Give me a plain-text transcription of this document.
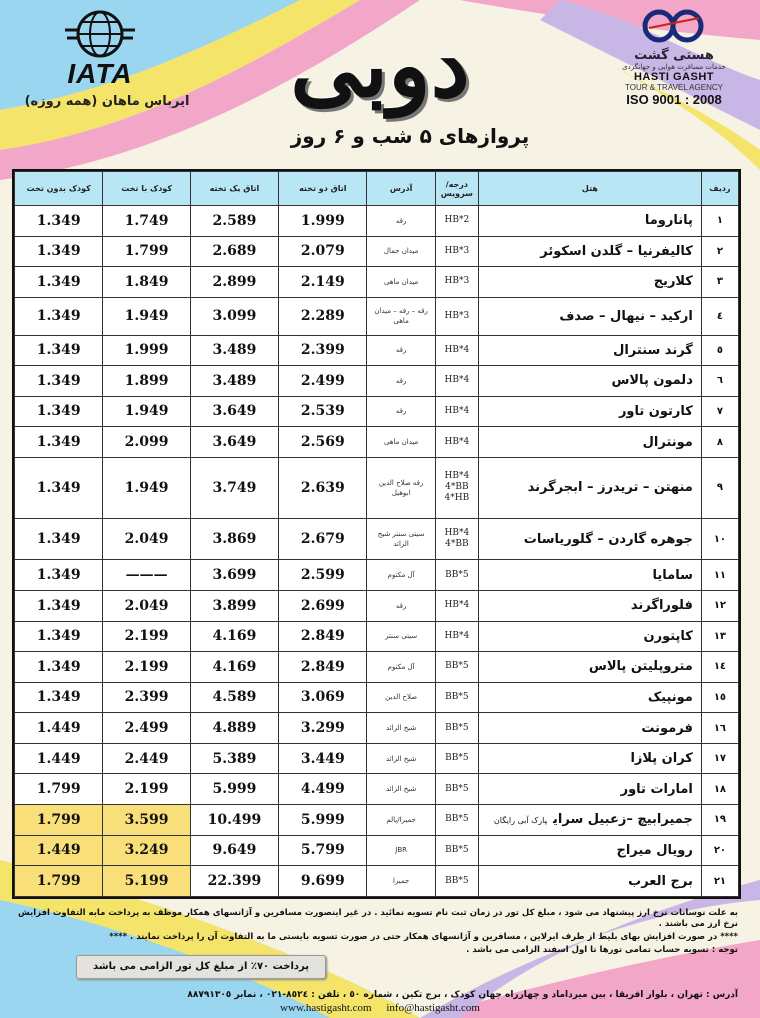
IATA
ایرباس ماهان (همه روزه)	دوبی
پروازهای ۵ شب و ۶ روز
هستی گشت
خدمات مسافرت هوایی و جهانگردی
HASTI GASHT
TOUR & TRAVEL AGENCY
ISO 9001 : 2008
ردیف	هتل	درجه/سرویس	آدرس	اتاق دو تخته	اتاق یک تخته	کودک با تخت	کودک بدون تخت
١	پاناروما	2*HB	رقه	1.999	2.589	1.749	1.349
٢	کالیفرنیا – گلدن اسکوئر	3*HB	میدان جمال	2.079	2.689	1.799	1.349
٣	کلاریج	3*HB	میدان ماهی	2.149	2.899	1.849	1.349
٤	ارکید – نیهال – صدف	3*HB	رقه – رقه – میدان ماهی	2.289	3.099	1.949	1.349
٥	گرند سنترال	4*HB	رقه	2.399	3.489	1.999	1.349
٦	دلمون پالاس	4*HB	رقه	2.499	3.489	1.899	1.349
٧	کارتون تاور	4*HB	رقه	2.539	3.649	1.949	1.349
٨	مونترال	4*HB	میدان ماهی	2.569	3.649	2.099	1.349
٩	منهتن – تریدرز – ابجرگرند	4*HB 4*BB 4*HB	رقه صلاح الدین ابوهیل	2.639	3.749	1.949	1.349
١٠	جوهره گاردن – گلوریاسات	4*HB 4*BB	سیتی سنتر شیخ الزائد	2.679	3.869	2.049	1.349
١١	سامایا	5*BB	آل مکتوم	2.599	3.699	———	1.349
١٢	فلوراگرند	4*HB	رقه	2.699	3.899	2.049	1.349
١٣	کاپتورن	4*HB	سیتی سنتر	2.849	4.169	2.199	1.349
١٤	متروپلیتن پالاس	5*BB	آل مکتوم	2.849	4.169	2.199	1.349
١٥	مونپیک	5*BB	صلاح الدین	3.069	4.589	2.399	1.349
١٦	فرمونت	5*BB	شیخ الزائد	3.299	4.889	2.499	1.449
١٧	کران پلازا	5*BB	شیخ الزائد	3.449	5.389	2.449	1.449
١٨	امارات تاور	5*BB	شیخ الزائد	4.499	5.999	2.199	1.799
١٩	جمیرابیچ –زعبیل سرایپارک آبی رایگان	5*BB	جمیرا/پالم	5.999	10.499	3.599	1.799
٢٠	رویال میراج	5*BB	JBR	5.799	9.649	3.249	1.449
٢١	برج العرب	5*BB	جمیرا	9.699	22.399	5.199	1.799

به علت نوسانات نرخ ارز پیشنهاد می شود ، مبلغ کل تور در زمان ثبت نام تسویه نمائید . در غیر اینصورت مسافرین و آژانسهای همکار موظف به پرداخت مابه التفاوت افزایش نرخ ارز می باشند .

**** در صورت افزایش بهای بلیط از طرف ایرلاین ، مسافرین و آژانسهای همکار حتی در صورت تسویه بایستی ما به التفاوت آن را پرداخت نمایند . ****

توجه : تسویه حساب تمامی تورها تا اول اسفند الزامی می باشد .

پرداخت ٧٠٪ از مبلغ کل تور الزامی می باشد
آدرس : تهران ، بلوار افریقا ، بین میرداماد و چهارراه جهان کودک ، برج تکین ، شماره ٥٠ ، تلفن : ٨٥٢٤-٠٢١ ، نمابر ٨٨٧٩١٣٠٥
www.hastigasht.com info@hastigasht.com
